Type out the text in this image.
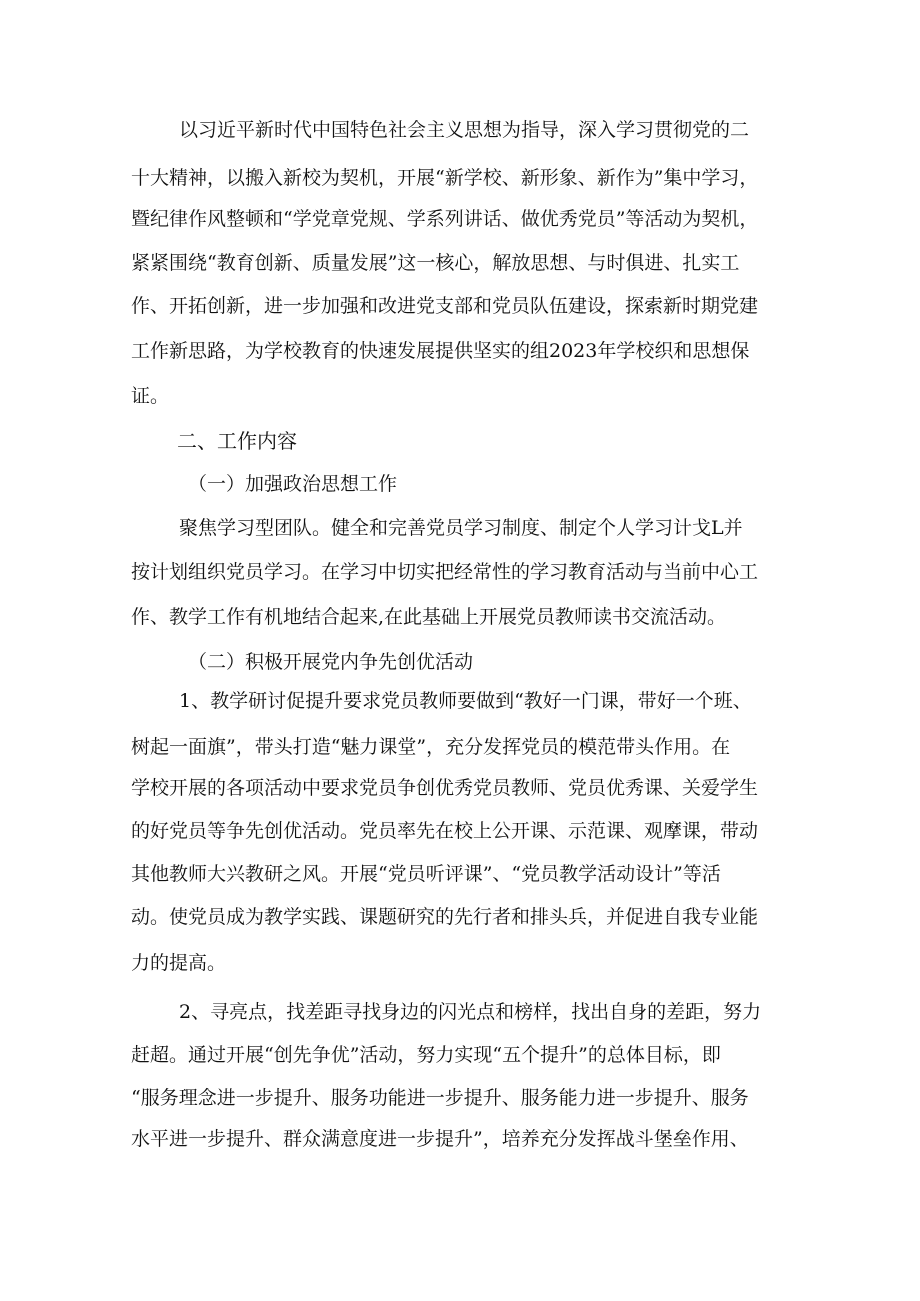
以习近平新时代中国特色社会主义思想为指导，深入学习贯彻党的二
十大精神，以搬入新校为契机，开展“新学校、新形象、新作为”集中学习，
暨纪律作风整顿和“学党章党规、学系列讲话、做优秀党员”等活动为契机，
紧紧围绕“教育创新、质量发展”这一核心，解放思想、与时俱进、扎实工
作、开拓创新，进一步加强和改进党支部和党员队伍建设，探索新时期党建
工作新思路，为学校教育的快速发展提供坚实的组2023年学校织和思想保
证。
二、工作内容
（一）加强政治思想工作
聚焦学习型团队。健全和完善党员学习制度、制定个人学习计戈L并
按计划组织党员学习。在学习中切实把经常性的学习教育活动与当前中心工
作、教学工作有机地结合起来,在此基础上开展党员教师读书交流活动。
（二）积极开展党内争先创优活动
1、教学研讨促提升要求党员教师要做到“教好一门课，带好一个班、
树起一面旗”，带头打造“魅力课堂”，充分发挥党员的模范带头作用。在
学校开展的各项活动中要求党员争创优秀党员教师、党员优秀课、关爱学生
的好党员等争先创优活动。党员率先在校上公开课、示范课、观摩课，带动
其他教师大兴教研之风。开展“党员听评课”、“党员教学活动设计”等活
动。使党员成为教学实践、课题研究的先行者和排头兵，并促进自我专业能
力的提高。
2、寻亮点，找差距寻找身边的闪光点和榜样，找出自身的差距，努力
赶超。通过开展“创先争优”活动，努力实现“五个提升”的总体目标，即
“服务理念进一步提升、服务功能进一步提升、服务能力进一步提升、服务
水平进一步提升、群众满意度进一步提升”，培养充分发挥战斗堡垒作用、
